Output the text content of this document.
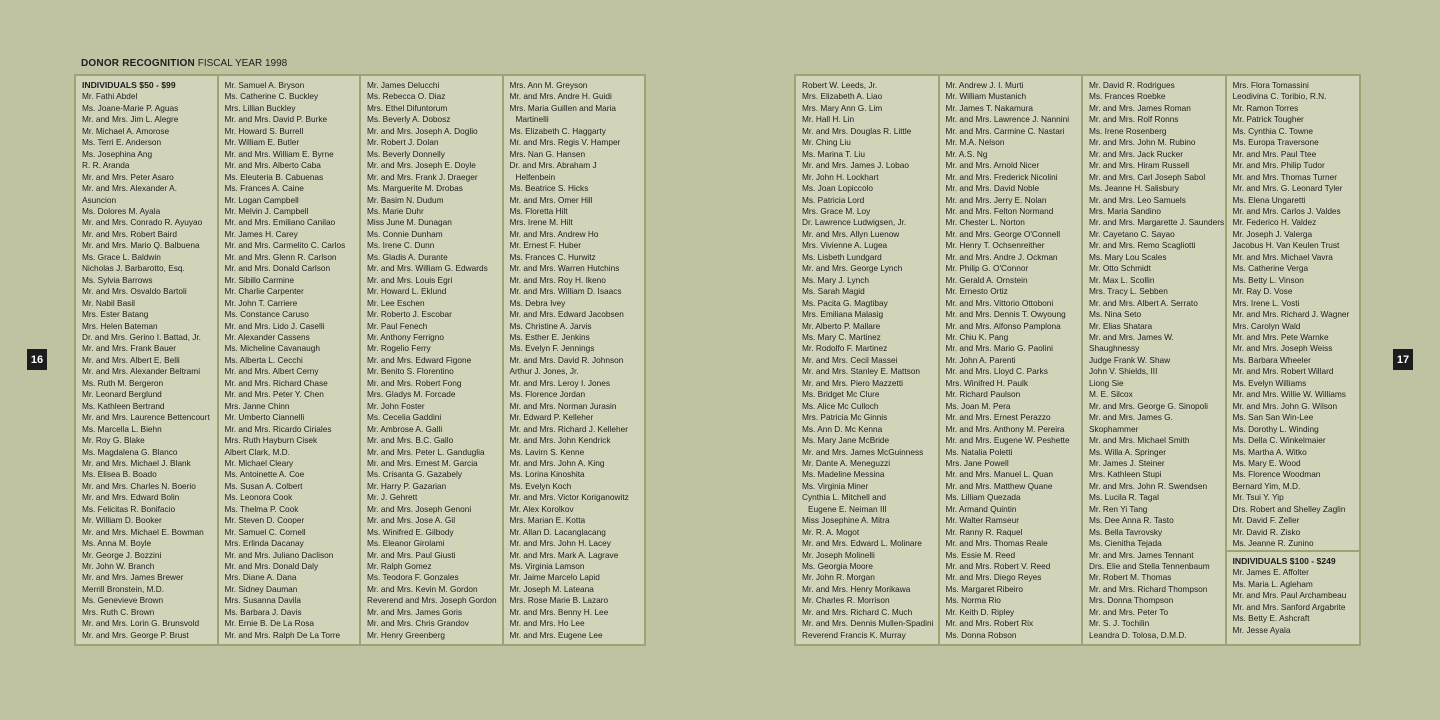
DONOR RECOGNITION FISCAL YEAR 1998
16	17
INDIVIDUALS $50 - $99
Mr. Fathi Abdel
Ms. Joane-Marie P. Aguas
Mr. and Mrs. Jim L. Alegre
Mr. Michael A. Amorose
Ms. Terri E. Anderson
Ms. Josephina Ang
R. R. Aranda
Mr. and Mrs. Peter Asaro
Mr. and Mrs. Alexander A.
Asuncion
Ms. Dolores M. Ayala
Mr. and Mrs. Conrado R. Ayuyao
Mr. and Mrs. Robert Baird
Mr. and Mrs. Mario Q. Balbuena
Ms. Grace L. Baldwin
Nicholas J. Barbarotto, Esq.
Ms. Sylvia Barrows
Mr. and Mrs. Osvaldo Bartoli
Mr. Nabil Basil
Mrs. Ester Batang
Mrs. Helen Bateman
Dr. and Mrs. Gerino I. Battad, Jr.
Mr. and Mrs. Frank Bauer
Mr. and Mrs. Albert E. Belli
Mr. and Mrs. Alexander Beltrami
Ms. Ruth M. Bergeron
Mr. Leonard Berglund
Ms. Kathleen Bertrand
Mr. and Mrs. Laurence Bettencourt
Ms. Marcella L. Biehn
Mr. Roy G. Blake
Ms. Magdalena G. Blanco
Mr. and Mrs. Michael J. Blank
Ms. Elisea B. Boado
Mr. and Mrs. Charles N. Boerio
Mr. and Mrs. Edward Bolin
Ms. Felicitas R. Bonifacio
Mr. William D. Booker
Mr. and Mrs. Michael E. Bowman
Ms. Anna M. Boyle
Mr. George J. Bozzini
Mr. John W. Branch
Mr. and Mrs. James Brewer
Merrill Bronstein, M.D.
Ms. Genevieve Brown
Mrs. Ruth C. Brown
Mr. and Mrs. Lorin G. Brunsvold
Mr. and Mrs. George P. Brust
Mr. Samuel A. Bryson
Ms. Catherine C. Buckley
Mrs. Lillian Buckley
Mr. and Mrs. David P. Burke
Mr. Howard S. Burrell
Mr. William E. Butler
Mr. and Mrs. William E. Byrne
Mr. and Mrs. Alberto Caba
Ms. Eleuteria B. Cabuenas
Ms. Frances A. Caine
Mr. Logan Campbell
Mr. Melvin J. Campbell
Mr. and Mrs. Emiliano Canilao
Mr. James H. Carey
Mr. and Mrs. Carmelito C. Carlos
Mr. and Mrs. Glenn R. Carlson
Mr. and Mrs. Donald Carlson
Mr. Sibillo Carmine
Mr. Charlie Carpenter
Mr. John T. Carriere
Ms. Constance Caruso
Mr. and Mrs. Lido J. Caselli
Mr. Alexander Cassens
Ms. Micheline Cavanaugh
Ms. Alberta L. Cecchi
Mr. and Mrs. Albert Cerny
Mr. and Mrs. Richard Chase
Mr. and Mrs. Peter Y. Chen
Mrs. Janne Chinn
Mr. Umberto Ciannelli
Mr. and Mrs. Ricardo Ciriales
Mrs. Ruth Hayburn Cisek
Albert Clark, M.D.
Mr. Michael Cleary
Ms. Antoinette A. Coe
Ms. Susan A. Colbert
Ms. Leonora Cook
Ms. Thelma P. Cook
Mr. Steven D. Cooper
Mr. Samuel C. Cornell
Mrs. Erlinda Dacanay
Mr. and Mrs. Juliano Daclison
Mr. and Mrs. Donald Daly
Mrs. Diane A. Dana
Mr. Sidney Dauman
Mrs. Susanna Davila
Ms. Barbara J. Davis
Mr. Ernie B. De La Rosa
Mr. and Mrs. Ralph De La Torre
Mr. James Delucchi
Ms. Rebecca O. Diaz
Mrs. Ethel Difuntorum
Ms. Beverly A. Dobosz
Mr. and Mrs. Joseph A. Doglio
Mr. Robert J. Dolan
Ms. Beverly Donnelly
Mr. and Mrs. Joseph E. Doyle
Mr. and Mrs. Frank J. Draeger
Ms. Marguerite M. Drobas
Mr. Basim N. Dudum
Ms. Marie Duhr
Miss June M. Dunagan
Ms. Connie Dunham
Ms. Irene C. Dunn
Ms. Gladis A. Durante
Mr. and Mrs. William G. Edwards
Mr. and Mrs. Louis Egri
Mr. Howard L. Eklund
Mr. Lee Eschen
Mr. Roberto J. Escobar
Mr. Paul Fenech
Mr. Anthony Ferrigno
Mr. Rogelio Ferry
Mr. and Mrs. Edward Figone
Mr. Benito S. Florentino
Mr. and Mrs. Robert Fong
Mrs. Gladys M. Forcade
Mr. John Foster
Ms. Cecelia Gaddini
Mr. Ambrose A. Galli
Mr. and Mrs. B.C. Gallo
Mr. and Mrs. Peter L. Ganduglia
Mr. and Mrs. Ernest M. Garcia
Ms. Crisanta G. Gazabely
Mr. Harry P. Gazarian
Mr. J. Gehrett
Mr. and Mrs. Joseph Genoni
Mr. and Mrs. Jose A. Gil
Ms. Winifred E. Gilbody
Ms. Eleanor Girolami
Mr. and Mrs. Paul Giusti
Mr. Ralph Gomez
Ms. Teodora F. Gonzales
Mr. and Mrs. Kevin M. Gordon
Reverend and Mrs. Joseph Gordon
Mr. and Mrs. James Goris
Mr. and Mrs. Chris Grandov
Mr. Henry Greenberg
Mrs. Ann M. Greyson
Mr. and Mrs. Andre H. Guidi
Mrs. Maria Guillen and Maria
Martinelli
Ms. Elizabeth C. Haggarty
Mr. and Mrs. Regis V. Hamper
Mrs. Nan G. Hansen
Dr. and Mrs. Abraham J
Helfenbein
Ms. Beatrice S. Hicks
Mr. and Mrs. Omer Hill
Ms. Floretta Hilt
Mrs. Irene M. Hilt
Mr. and Mrs. Andrew Ho
Mr. Ernest F. Huber
Ms. Frances C. Hurwitz
Mr. and Mrs. Warren Hutchins
Mr. and Mrs. Roy H. Ikeno
Mr. and Mrs. William D. Isaacs
Ms. Debra Ivey
Mr. and Mrs. Edward Jacobsen
Ms. Christine A. Jarvis
Ms. Esther E. Jenkins
Ms. Evelyn F. Jennings
Mr. and Mrs. David R. Johnson
Arthur J. Jones, Jr.
Mr. and Mrs. Leroy I. Jones
Ms. Florence Jordan
Mr. and Mrs. Norman Jurasin
Mr. Edward P. Kelleher
Mr. and Mrs. Richard J. Kelleher
Mr. and Mrs. John Kendrick
Ms. Lavirn S. Kenne
Mr. and Mrs. John A. King
Ms. Lorina Kinoshita
Ms. Evelyn Koch
Mr. and Mrs. Victor Koriganowitz
Mr. Alex Korolkov
Mrs. Marian E. Kotta
Mr. Allan D. Lacanglacang
Mr. and Mrs. John H. Lacey
Mr. and Mrs. Mark A. Lagrave
Ms. Virginia Lamson
Mr. Jaime Marcelo Lapid
Mr. Joseph M. Lateana
Mrs. Rose Marie B. Lazaro
Mr. and Mrs. Benny H. Lee
Mr. and Mrs. Ho Lee
Mr. and Mrs. Eugene Lee
Robert W. Leeds, Jr.
Mrs. Elizabeth A. Liao
Mrs. Mary Ann G. Lim
Mr. Hall H. Lin
Mr. and Mrs. Douglas R. Little
Mr. Ching Liu
Ms. Marina T. Liu
Mr. and Mrs. James J. Lobao
Mr. John H. Lockhart
Ms. Joan Lopiccolo
Ms. Patricia Lord
Mrs. Grace M. Loy
Dr. Lawrence Ludwigsen, Jr.
Mr. and Mrs. Allyn Luenow
Mrs. Vivienne A. Lugea
Ms. Lisbeth Lundgard
Mr. and Mrs. George Lynch
Ms. Mary J. Lynch
Ms. Sarah Magid
Ms. Pacita G. Magtibay
Mrs. Emiliana Malasig
Mr. Alberto P. Mallare
Ms. Mary C. Martinez
Mr. Rodolfo F. Martinez
Mr. and Mrs. Cecil Massei
Mr. and Mrs. Stanley E. Mattson
Mr. and Mrs. Piero Mazzetti
Ms. Bridget Mc Clure
Ms. Alice Mc Culloch
Mrs. Patricia Mc Ginnis
Ms. Ann D. Mc Kenna
Ms. Mary Jane McBride
Mr. and Mrs. James McGuinness
Mr. Dante A. Meneguzzi
Ms. Madeline Messina
Ms. Virginia Miner
Cynthia L. Mitchell and
Eugene E. Neiman III
Miss Josephine A. Mitra
Mr. R. A. Mogot
Mr. and Mrs. Edward L. Molinare
Mr. Joseph Molinelli
Ms. Georgia Moore
Mr. John R. Morgan
Mr. and Mrs. Henry Morikawa
Mr. Charles R. Morrison
Mr. and Mrs. Richard C. Much
Mr. and Mrs. Dennis Mullen-Spadini
Reverend Francis K. Murray
Mr. Andrew J. I. Murti
Mr. William Mustanich
Mr. James T. Nakamura
Mr. and Mrs. Lawrence J. Nannini
Mr. and Mrs. Carmine C. Nastari
Mr. M.A. Nelson
Mr. A.S. Ng
Mr. and Mrs. Arnold Nicer
Mr. and Mrs. Frederick Nicolini
Mr. and Mrs. David Noble
Mr. and Mrs. Jerry E. Nolan
Mr. and Mrs. Felton Normand
Mr. Chester L. Norton
Mr. and Mrs. George O'Connell
Mr. Henry T. Ochsenreither
Mr. and Mrs. Andre J. Ockman
Mr. Philip G. O'Connor
Mr. Gerald A. Ornstein
Mr. Ernesto Ortiz
Mr. and Mrs. Vittorio Ottoboni
Mr. and Mrs. Dennis T. Owyoung
Mr. and Mrs. Alfonso Pamplona
Mr. Chiu K. Pang
Mr. and Mrs. Mario G. Paolini
Mr. John A. Parenti
Mr. and Mrs. Lloyd C. Parks
Mrs. Winifred H. Paulk
Mr. Richard Paulson
Ms. Joan M. Pera
Mr. and Mrs. Ernest Perazzo
Mr. and Mrs. Anthony M. Pereira
Mr. and Mrs. Eugene W. Peshette
Ms. Natalia Poletti
Mrs. Jane Powell
Mr. and Mrs. Manuel L. Quan
Mr. and Mrs. Matthew Quane
Ms. Lilliam Quezada
Mr. Armand Quintin
Mr. Walter Ramseur
Mr. Ranny R. Raquel
Mr. and Mrs. Thomas Reale
Ms. Essie M. Reed
Mr. and Mrs. Robert V. Reed
Mr. and Mrs. Diego Reyes
Ms. Margaret Ribeiro
Ms. Norma Rio
Mr. Keith D. Ripley
Mr. and Mrs. Robert Rix
Ms. Donna Robson
Mr. David R. Rodrigues
Ms. Frances Roebke
Mr. and Mrs. James Roman
Mr. and Mrs. Rolf Ronns
Ms. Irene Rosenberg
Mr. and Mrs. John M. Rubino
Mr. and Mrs. Jack Rucker
Mr. and Mrs. Hiram Russell
Mr. and Mrs. Carl Joseph Sabol
Ms. Jeanne H. Salisbury
Mr. and Mrs. Leo Samuels
Mrs. Maria Sandino
Mr. and Mrs. Margarette J. Saunders
Mr. Cayetano C. Sayao
Mr. and Mrs. Remo Scagliotti
Ms. Mary Lou Scales
Mr. Otto Schmidt
Mr. Max L. Scollin
Mrs. Tracy L. Sebben
Mr. and Mrs. Albert A. Serrato
Ms. Nina Seto
Mr. Elias Shatara
Mr. and Mrs. James W.
Shaughnessy
Judge Frank W. Shaw
John V. Shields, III
Liong Sie
M. E. Silcox
Mr. and Mrs. George G. Sinopoli
Mr. and Mrs. James G.
Skophammer
Mr. and Mrs. Michael Smith
Ms. Willa A. Springer
Mr. James J. Steiner
Mrs. Kathleen Stupi
Mr. and Mrs. John R. Swendsen
Ms. Lucila R. Tagal
Mr. Ren Yi Tang
Ms. Dee Anna R. Tasto
Ms. Bella Tavrovsky
Ms. Cienitha Tejada
Mr. and Mrs. James Tennant
Drs. Elie and Stella Tennenbaum
Mr. Robert M. Thomas
Mr. and Mrs. Richard Thompson
Mrs. Donna Thompson
Mr. and Mrs. Peter To
Mr. S. J. Tochilin
Leandra D. Tolosa, D.M.D.
Mrs. Flora Tomassini
Leodivina C. Toribio, R.N.
Mr. Ramon Torres
Mr. Patrick Tougher
Ms. Cynthia C. Towne
Ms. Europa Traversone
Mr. and Mrs. Paul Ttee
Mr. and Mrs. Philip Tudor
Mr. and Mrs. Thomas Turner
Mr. and Mrs. G. Leonard Tyler
Ms. Elena Ungaretti
Mr. and Mrs. Carlos J. Valdes
Mr. Federico H. Valdez
Mr. Joseph J. Valerga
Jacobus H. Van Keulen Trust
Mr. and Mrs. Michael Vavra
Ms. Catherine Verga
Ms. Betty L. Vinson
Mr. Ray D. Vose
Mrs. Irene L. Vosti
Mr. and Mrs. Richard J. Wagner
Mrs. Carolyn Wald
Mr. and Mrs. Pete Warnke
Mr. and Mrs. Joseph Weiss
Ms. Barbara Wheeler
Mr. and Mrs. Robert Willard
Ms. Evelyn Williams
Mr. and Mrs. Willie W. Williams
Mr. and Mrs. John G. Wilson
Ms. San San Win-Lee
Ms. Dorothy L. Winding
Ms. Della C. Winkelmaier
Ms. Martha A. Witko
Ms. Mary E. Wood
Ms. Florence Woodman
Bernard Yim, M.D.
Mr. Tsui Y. Yip
Drs. Robert and Shelley Zaglin
Mr. David F. Zeller
Mr. David R. Zisko
Ms. Jeanne R. Zunino
INDIVIDUALS $100 - $249
Mr. James E. Affolter
Ms. Maria L. Agleham
Mr. and Mrs. Paul Archambeau
Mr. and Mrs. Sanford Argabrite
Ms. Betty E. Ashcraft
Mr. Jesse Ayala
